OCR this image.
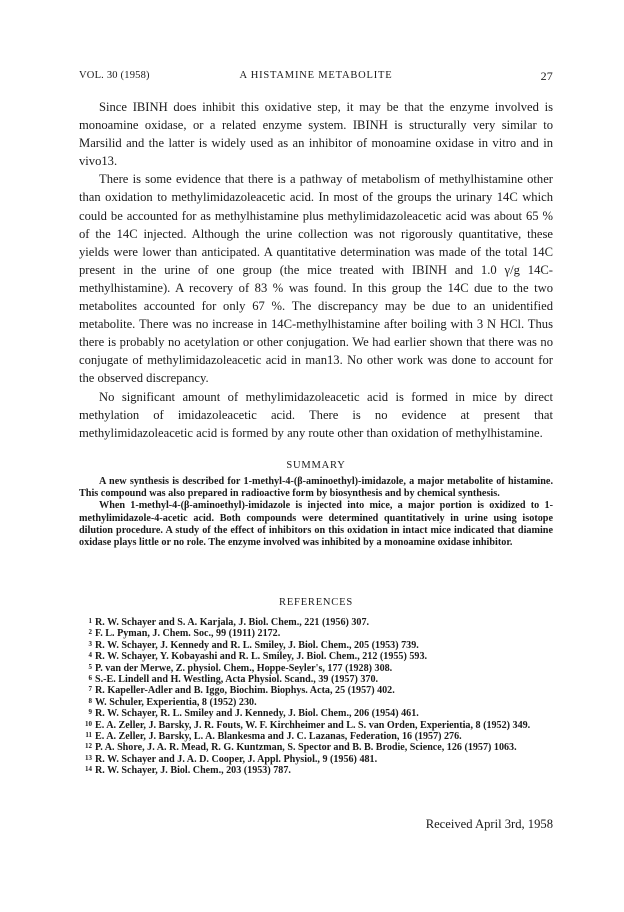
VOL. 30 (1958)	A HISTAMINE METABOLITE	27

Since IBINH does inhibit this oxidative step, it may be that the enzyme involved is monoamine oxidase, or a related enzyme system. IBINH is structurally very similar to Marsilid and the latter is widely used as an inhibitor of monoamine oxidase in vitro and in vivo13.

There is some evidence that there is a pathway of metabolism of methylhistamine other than oxidation to methylimidazoleacetic acid. In most of the groups the urinary 14C which could be accounted for as methylhistamine plus methylimidazoleacetic acid was about 65 % of the 14C injected. Although the urine collection was not rigorously quantitative, these yields were lower than anticipated. A quantitative determination was made of the total 14C present in the urine of one group (the mice treated with IBINH and 1.0 γ/g 14C-methylhistamine). A recovery of 83 % was found. In this group the 14C due to the two metabolites accounted for only 67 %. The discrepancy may be due to an unidentified metabolite. There was no increase in 14C-methylhistamine after boiling with 3 N HCl. Thus there is probably no acetylation or other conjugation. We had earlier shown that there was no conjugate of methylimidazoleacetic acid in man13. No other work was done to account for the observed discrepancy.

No significant amount of methylimidazoleacetic acid is formed in mice by direct methylation of imidazoleacetic acid. There is no evidence at present that methylimidazoleacetic acid is formed by any route other than oxidation of methylhistamine.

SUMMARY

A new synthesis is described for 1-methyl-4-(β-aminoethyl)-imidazole, a major metabolite of histamine. This compound was also prepared in radioactive form by biosynthesis and by chemical synthesis.

When 1-methyl-4-(β-aminoethyl)-imidazole is injected into mice, a major portion is oxidized to 1-methylimidazole-4-acetic acid. Both compounds were determined quantitatively in urine using isotope dilution procedure. A study of the effect of inhibitors on this oxidation in intact mice indicated that diamine oxidase plays little or no role. The enzyme involved was inhibited by a monoamine oxidase inhibitor.

REFERENCES
1 R. W. Schayer and S. A. Karjala, J. Biol. Chem., 221 (1956) 307.
2 F. L. Pyman, J. Chem. Soc., 99 (1911) 2172.
3 R. W. Schayer, J. Kennedy and R. L. Smiley, J. Biol. Chem., 205 (1953) 739.
4 R. W. Schayer, Y. Kobayashi and R. L. Smiley, J. Biol. Chem., 212 (1955) 593.
5 P. van der Merwe, Z. physiol. Chem., Hoppe-Seyler's, 177 (1928) 308.
6 S.-E. Lindell and H. Westling, Acta Physiol. Scand., 39 (1957) 370.
7 R. Kapeller-Adler and B. Iggo, Biochim. Biophys. Acta, 25 (1957) 402.
8 W. Schuler, Experientia, 8 (1952) 230.
9 R. W. Schayer, R. L. Smiley and J. Kennedy, J. Biol. Chem., 206 (1954) 461.
10 E. A. Zeller, J. Barsky, J. R. Fouts, W. F. Kirchheimer and L. S. van Orden, Experientia, 8 (1952) 349.
11 E. A. Zeller, J. Barsky, L. A. Blankesma and J. C. Lazanas, Federation, 16 (1957) 276.
12 P. A. Shore, J. A. R. Mead, R. G. Kuntzman, S. Spector and B. B. Brodie, Science, 126 (1957) 1063.
13 R. W. Schayer and J. A. D. Cooper, J. Appl. Physiol., 9 (1956) 481.
14 R. W. Schayer, J. Biol. Chem., 203 (1953) 787.
Received April 3rd, 1958
